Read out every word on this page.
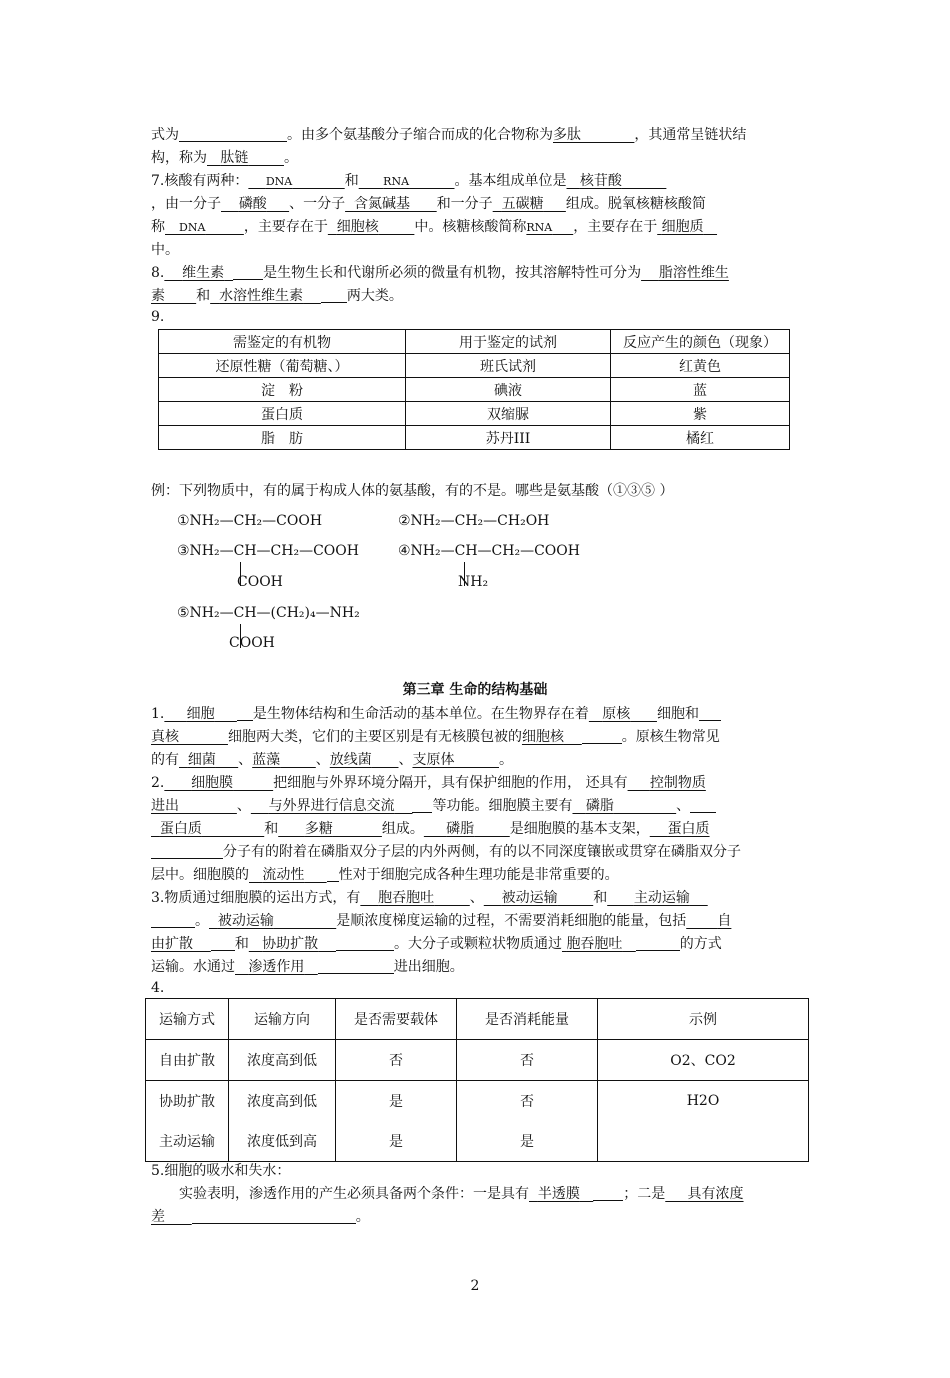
式为	。由多个氨基酸分子缩合而成的化合物称为多肽	，其通常呈链状结
构，称为 肽链	。
7.核酸有两种： DNA	和 RNA	。基本组成单位是 核苷酸
，由一分子 磷酸 、一分子 含氮碱基 和一分子 五碳糖 组成。脱氧核糖核酸简
称 DNA	，主要存在于 细胞核	中。核糖核酸简称RNA ，主要存在于 细胞质
中。
8. 维生素	是生物生长和代谢所必须的微量有机物，按其溶解特性可分为 脂溶性维生
素 和 水溶性维生素	两大类。
9.
需鉴定的有机物	用于鉴定的试剂	反应产生的颜色（现象）
还原性糖（葡萄糖、）	班氏试剂	红黄色
淀　粉	碘液	蓝
蛋白质	双缩脲	紫
脂　肪	苏丹III	橘红
例：下列物质中，有的属于构成人体的氨基酸，有的不是。哪些是氨基酸（①③⑤ ）
①NH₂—CH₂—COOH	②NH₂—CH₂—CH₂OH
③NH₂—CH—CH₂—COOH
COOH
④NH₂—CH—CH₂—COOH
NH₂
⑤NH₂—CH—(CH₂)₄—NH₂
COOH
第三章 生命的结构基础
1. 细胞	是生物体结构和生命活动的基本单位。在生物界存在着 原核 细胞和
真核	细胞两大类，它们的主要区别是有无核膜包被的细胞核	。原核生物常见
的有 细菌 、蓝藻	、放线菌 、支原体	。
2. 细胞膜	把细胞与外界环境分隔开，具有保护细胞的作用， 还具有 控制物质
进出	、 与外界进行信息交流	等功能。细胞膜主要有 磷脂	、
蛋白质	和 多糖	组成。 磷脂	是细胞膜的基本支架， 蛋白质
分子有的附着在磷脂双分子层的内外两侧，有的以不同深度镶嵌或贯穿在磷脂双分子
层中。细胞膜的 流动性 性对于细胞完成各种生理功能是非常重要的。
3.物质通过细胞膜的运出方式，有 胞吞胞吐	、 被动运输	和 主动运输
。 被动运输	是顺浓度梯度运输的过程，不需要消耗细胞的能量，包括 自
由扩散	和 协助扩散	。大分子或颗粒状物质通过 胞吞胞吐	的方式
运输。水通过 渗透作用	进出细胞。
4.
运输方式	运输方向	是否需要载体	是否消耗能量	示例
自由扩散	浓度高到低	否	否	O2、CO2
协助扩散	浓度高到低	是	否	H2O
主动运输	浓度低到高	是	是	
5.细胞的吸水和失水：
实验表明，渗透作用的产生必须具备两个条件：一是具有 半透膜	；二是 具有浓度
差	。
2
